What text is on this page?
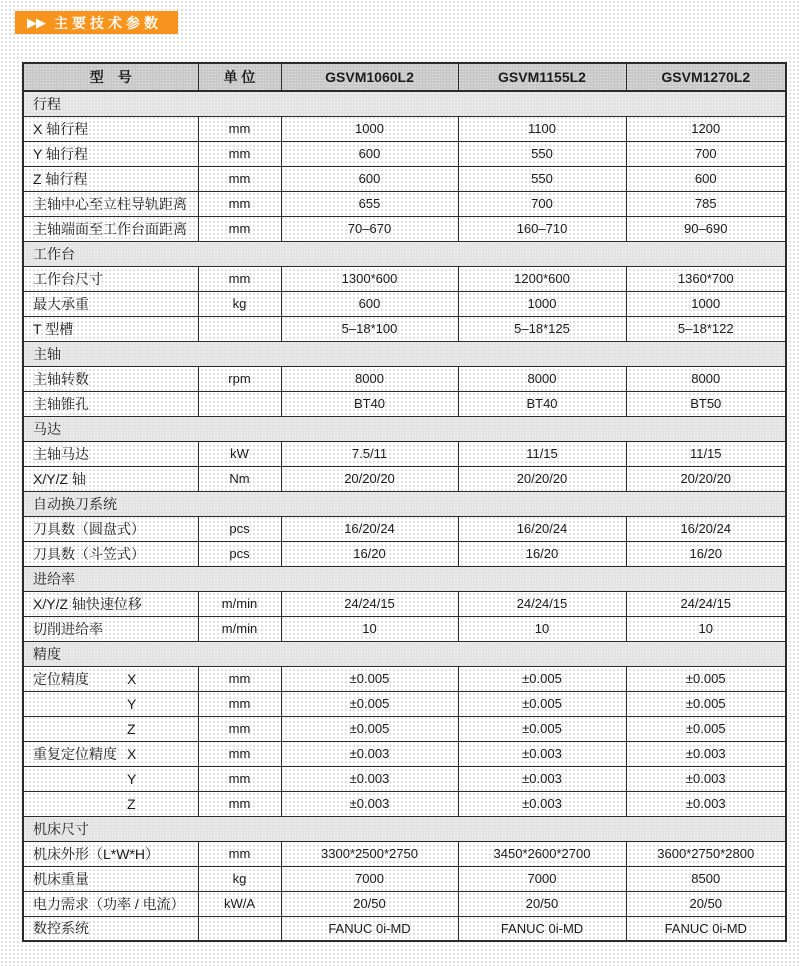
▶▶ 主要技术参数
型　号	单 位	GSVM1060L2	GSVM1155L2	GSVM1270L2
行程				
X 轴行程	mm	1000	1100	1200
Y 轴行程	mm	600	550	700
Z 轴行程	mm	600	550	600
主轴中心至立柱导轨距离	mm	655	700	785
主轴端面至工作台面距离	mm	70–670	160–710	90–690
工作台				
工作台尺寸	mm	1300*600	1200*600	1360*700
最大承重	kg	600	1000	1000
T 型槽		5–18*100	5–18*125	5–18*122
主轴				
主轴转数	rpm	8000	8000	8000
主轴锥孔		BT40	BT40	BT50
马达				
主轴马达	kW	7.5/11	11/15	11/15
X/Y/Z 轴	Nm	20/20/20	20/20/20	20/20/20
自动换刀系统				
刀具数（圆盘式）	pcs	16/20/24	16/20/24	16/20/24
刀具数（斗笠式）	pcs	16/20	16/20	16/20
进给率				
X/Y/Z 轴快速位移	m/min	24/24/15	24/24/15	24/24/15
切削进给率	m/min	10	10	10
精度				
定位精度 X	mm	±0.005	±0.005	±0.005

Y	mm	±0.005	±0.005	±0.005

Z	mm	±0.005	±0.005	±0.005
重复定位精度 X	mm	±0.003	±0.003	±0.003

Y	mm	±0.003	±0.003	±0.003

Z	mm	±0.003	±0.003	±0.003
机床尺寸				
机床外形（L*W*H）	mm	3300*2500*2750	3450*2600*2700	3600*2750*2800
机床重量	kg	7000	7000	8500
电力需求（功率 / 电流）	kW/A	20/50	20/50	20/50
数控系统		FANUC 0i-MD	FANUC 0i-MD	FANUC 0i-MD
